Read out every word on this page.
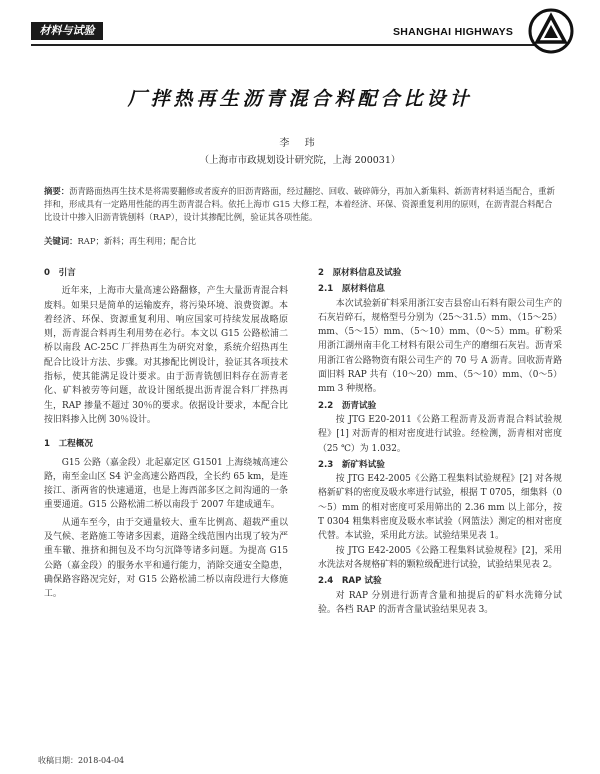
材料与试验	SHANGHAI HIGHWAYS
厂拌热再生沥青混合料配合比设计
李 玮
（上海市市政规划设计研究院，上海 200031）
摘要：沥青路面热再生技术是将需要翻修或者废弃的旧沥青路面，经过翻挖、回收、破碎筛分，再加入新集料、新沥青材料适当配合，重新拌和，形成具有一定路用性能的再生沥青混合料。依托上海市 G15 大修工程，本着经济、环保、资源重复利用的原则，在沥青混合料配合比设计中掺入旧沥青铣刨料（RAP），设计其掺配比例，验证其各项性能。
关键词：RAP；新料；再生利用；配合比

0　引言

近年来，上海市大量高速公路翻修，产生大量沥青混合料废料。如果只是简单的运输废弃，将污染环境、浪费资源。本着经济、环保、资源重复利用、响应国家可持续发展战略原则，沥青混合料再生利用势在必行。本文以 G15 公路松浦二桥以南段 AC-25C 厂拌热再生为研究对象，系统介绍热再生配合比设计方法、步骤。对其掺配比例设计，验证其各项技术指标，使其能满足设计要求。由于沥青铣刨旧料存在沥青老化、矿料被劳等问题，故设计图纸提出沥青混合料厂拌热再生，RAP 掺量不超过 30％的要求。依据设计要求，本配合比按旧料掺入比例 30％设计。

1　工程概况

G15 公路（嘉金段）北起嘉定区 G1501 上海绕城高速公路，南至金山区 S4 沪金高速公路西段，全长约 65 km，是连接江、浙两省的快速通道，也是上海西部多区之间沟通的一条重要通道。G15 公路松浦二桥以南段于 2007 年建成通车。

从通车至今，由于交通量较大、重车比例高、超载严重以及气候、老路施工等诸多因素，道路全线范围内出现了较为严重车辙、推挤和拥包及不均匀沉降等诸多问题。为提高 G15 公路（嘉金段）的服务水平和通行能力，消除交通安全隐患，确保路容路况完好，对 G15 公路松浦二桥以南段进行大修施工。

2　原材料信息及试验

2.1　原材料信息

本次试验新矿料采用浙江安吉县窑山石料有限公司生产的石灰岩碎石，规格型号分别为（25～31.5）mm、（15～25）mm、（5～15）mm、（5～10）mm、（0～5）mm。矿粉采用浙江湖州南丰化工材料有限公司生产的磨细石灰岩。沥青采用浙江省公路物资有限公司生产的 70 号 A 沥青。回收沥青路面旧料 RAP 共有（10～20）mm、（5～10）mm、（0～5）mm 3 种规格。

2.2　沥青试验

按 JTG E20-2011《公路工程沥青及沥青混合料试验规程》[1] 对沥青的相对密度进行试验。经检测，沥青相对密度（25 ℃）为 1.032。

2.3　新矿料试验

按 JTG E42-2005《公路工程集料试验规程》[2] 对各规格新矿料的密度及吸水率进行试验，根据 T 0705，细集料（0～5）mm 的相对密度可采用筛出的 2.36 mm 以上部分，按 T 0304 粗集料密度及吸水率试验（网篮法）测定的相对密度代替。本试验，采用此方法。试验结果见表 1。

按 JTG E42-2005《公路工程集料试验规程》[2]，采用水洗法对各规格矿料的颗粒级配进行试验，试验结果见表 2。

2.4　RAP 试验

对 RAP 分别进行沥青含量和抽提后的矿料水洗筛分试验。各档 RAP 的沥青含量试验结果见表 3。

收稿日期：2018-04-04
